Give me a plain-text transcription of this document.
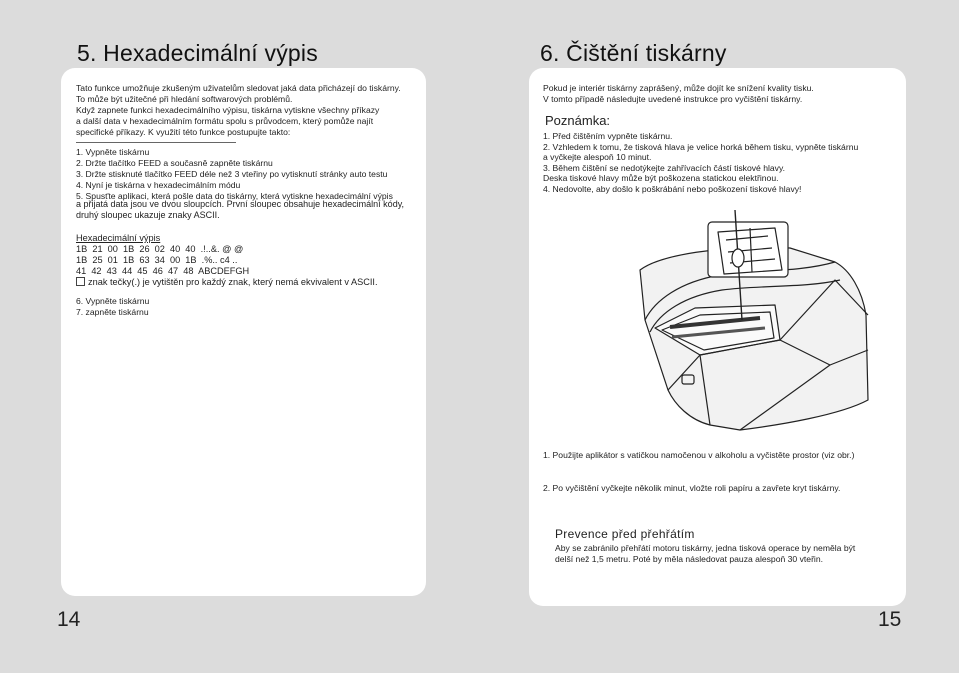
5. Hexadecimální výpis
Tato funkce umožňuje zkušeným uživatelům sledovat jaká data přicházejí do tiskárny.
To může být užitečné při hledání softwarových problémů.
Když zapnete funkci hexadecimálního výpisu, tiskárna vytiskne všechny příkazy
a další data v hexadecimálním formátu spolu s průvodcem, který pomůže najít
specifické příkazy. K využití této funkce postupujte takto:
1. Vypněte tiskárnu
2. Držte tlačítko FEED a současně zapněte tiskárnu
3. Držte stisknuté tlačítko FEED déle než 3 vteřiny po vytisknutí stránky auto testu
4. Nyní je tiskárna v hexadecimálním módu
5. Spusťte aplikaci, která pošle data do tiskárny, která vytiskne hexadecimální výpis
a přijatá data jsou ve dvou sloupcích. První sloupec obsahuje hexadecimální kódy,
druhý sloupec ukazuje znaky ASCII.
Hexadecimální výpis
1B  21  00  1B  26  02  40  40  .!..&. @ @
1B  25  01  1B  63  34  00  1B  .%.. c4 ..
41  42  43  44  45  46  47  48  ABCDEFGH
znak tečky(.) je vytištěn pro každý znak, který nemá ekvivalent v ASCII.
6. Vypněte tiskárnu
7. zapněte tiskárnu
14
6. Čištění tiskárny
Pokud je interiér tiskárny zaprášený, může dojít ke snížení kvality tisku.
V tomto případě následujte uvedené instrukce pro vyčištění tiskárny.
Poznámka:
1. Před čištěním vypněte tiskárnu.
2. Vzhledem k tomu, že tisková hlava je velice horká během tisku, vypněte tiskárnu
a vyčkejte alespoň 10 minut.
3. Během čištění se nedotýkejte zahřívacích částí tiskové hlavy.
Deska tiskové hlavy může být poškozena statickou elektřinou.
4. Nedovolte, aby došlo k poškrábání nebo poškození tiskové hlavy!
1. Použijte aplikátor s vatičkou namočenou v alkoholu a vyčistěte prostor (viz obr.)
2. Po vyčištění vyčkejte několik minut, vložte roli papíru a zavřete kryt tiskárny.
Prevence před přehřátím
Aby se zabránilo přehřátí motoru tiskárny, jedna tisková operace by neměla být
delší než 1,5 metru. Poté by měla následovat pauza alespoň 30 vteřin.
15
